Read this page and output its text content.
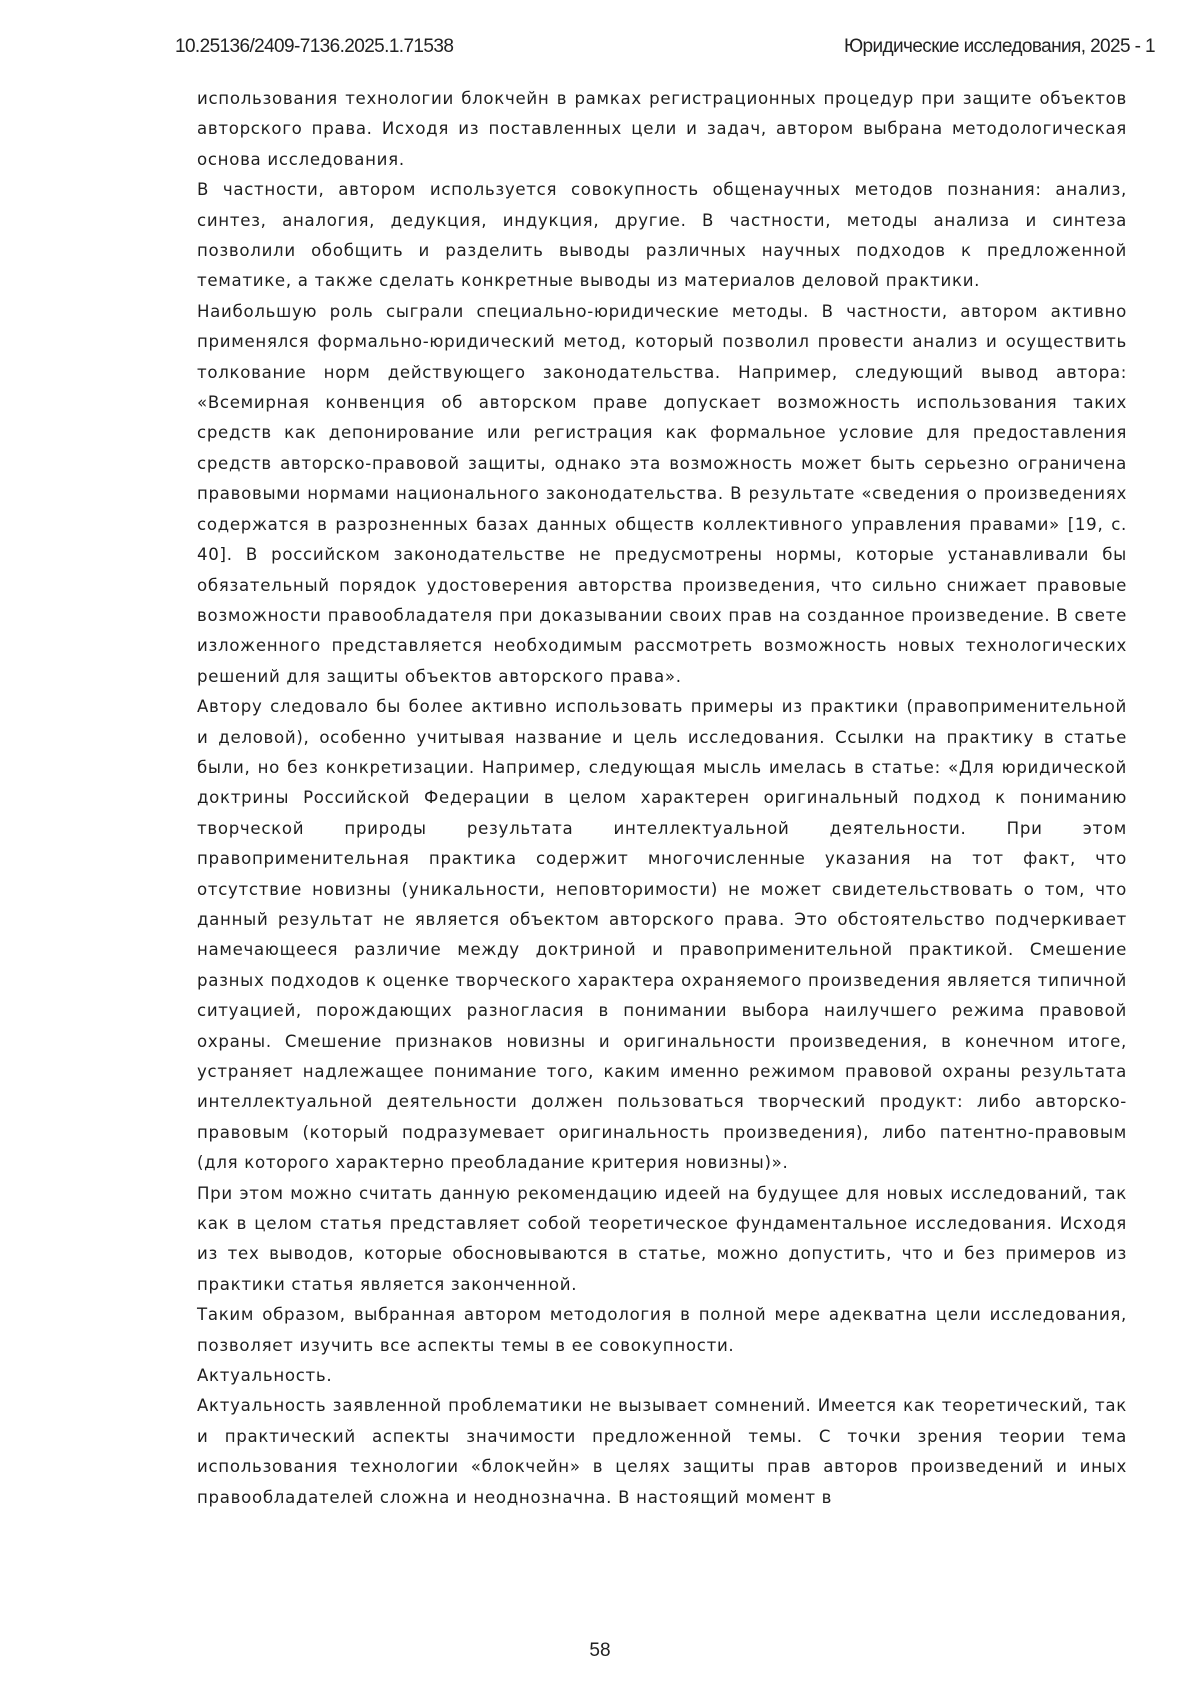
10.25136/2409-7136.2025.1.71538	Юридические исследования, 2025 - 1

использования технологии блокчейн в рамках регистрационных процедур при защите объектов авторского права. Исходя из поставленных цели и задач, автором выбрана методологическая основа исследования.

В частности, автором используется совокупность общенаучных методов познания: анализ, синтез, аналогия, дедукция, индукция, другие. В частности, методы анализа и синтеза позволили обобщить и разделить выводы различных научных подходов к предложенной тематике, а также сделать конкретные выводы из материалов деловой практики.

Наибольшую роль сыграли специально-юридические методы. В частности, автором активно применялся формально-юридический метод, который позволил провести анализ и осуществить толкование норм действующего законодательства. Например, следующий вывод автора: «Всемирная конвенция об авторском праве допускает возможность использования таких средств как депонирование или регистрация как формальное условие для предоставления средств авторско-правовой защиты, однако эта возможность может быть серьезно ограничена правовыми нормами национального законодательства. В результате «сведения о произведениях содержатся в разрозненных базах данных обществ коллективного управления правами» [19, с. 40]. В российском законодательстве не предусмотрены нормы, которые устанавливали бы обязательный порядок удостоверения авторства произведения, что сильно снижает правовые возможности правообладателя при доказывании своих прав на созданное произведение. В свете изложенного представляется необходимым рассмотреть возможность новых технологических решений для защиты объектов авторского права».

Автору следовало бы более активно использовать примеры из практики (правоприменительной и деловой), особенно учитывая название и цель исследования. Ссылки на практику в статье были, но без конкретизации. Например, следующая мысль имелась в статье: «Для юридической доктрины Российской Федерации в целом характерен оригинальный подход к пониманию творческой природы результата интеллектуальной деятельности. При этом правоприменительная практика содержит многочисленные указания на тот факт, что отсутствие новизны (уникальности, неповторимости) не может свидетельствовать о том, что данный результат не является объектом авторского права. Это обстоятельство подчеркивает намечающееся различие между доктриной и правоприменительной практикой. Смешение разных подходов к оценке творческого характера охраняемого произведения является типичной ситуацией, порождающих разногласия в понимании выбора наилучшего режима правовой охраны. Смешение признаков новизны и оригинальности произведения, в конечном итоге, устраняет надлежащее понимание того, каким именно режимом правовой охраны результата интеллектуальной деятельности должен пользоваться творческий продукт: либо авторско-правовым (который подразумевает оригинальность произведения), либо патентно-правовым (для которого характерно преобладание критерия новизны)».

При этом можно считать данную рекомендацию идеей на будущее для новых исследований, так как в целом статья представляет собой теоретическое фундаментальное исследования. Исходя из тех выводов, которые обосновываются в статье, можно допустить, что и без примеров из практики статья является законченной.

Таким образом, выбранная автором методология в полной мере адекватна цели исследования, позволяет изучить все аспекты темы в ее совокупности.

Актуальность.

Актуальность заявленной проблематики не вызывает сомнений. Имеется как теоретический, так и практический аспекты значимости предложенной темы. С точки зрения теории тема использования технологии «блокчейн» в целях защиты прав авторов произведений и иных правообладателей сложна и неоднозначна. В настоящий момент в

58
